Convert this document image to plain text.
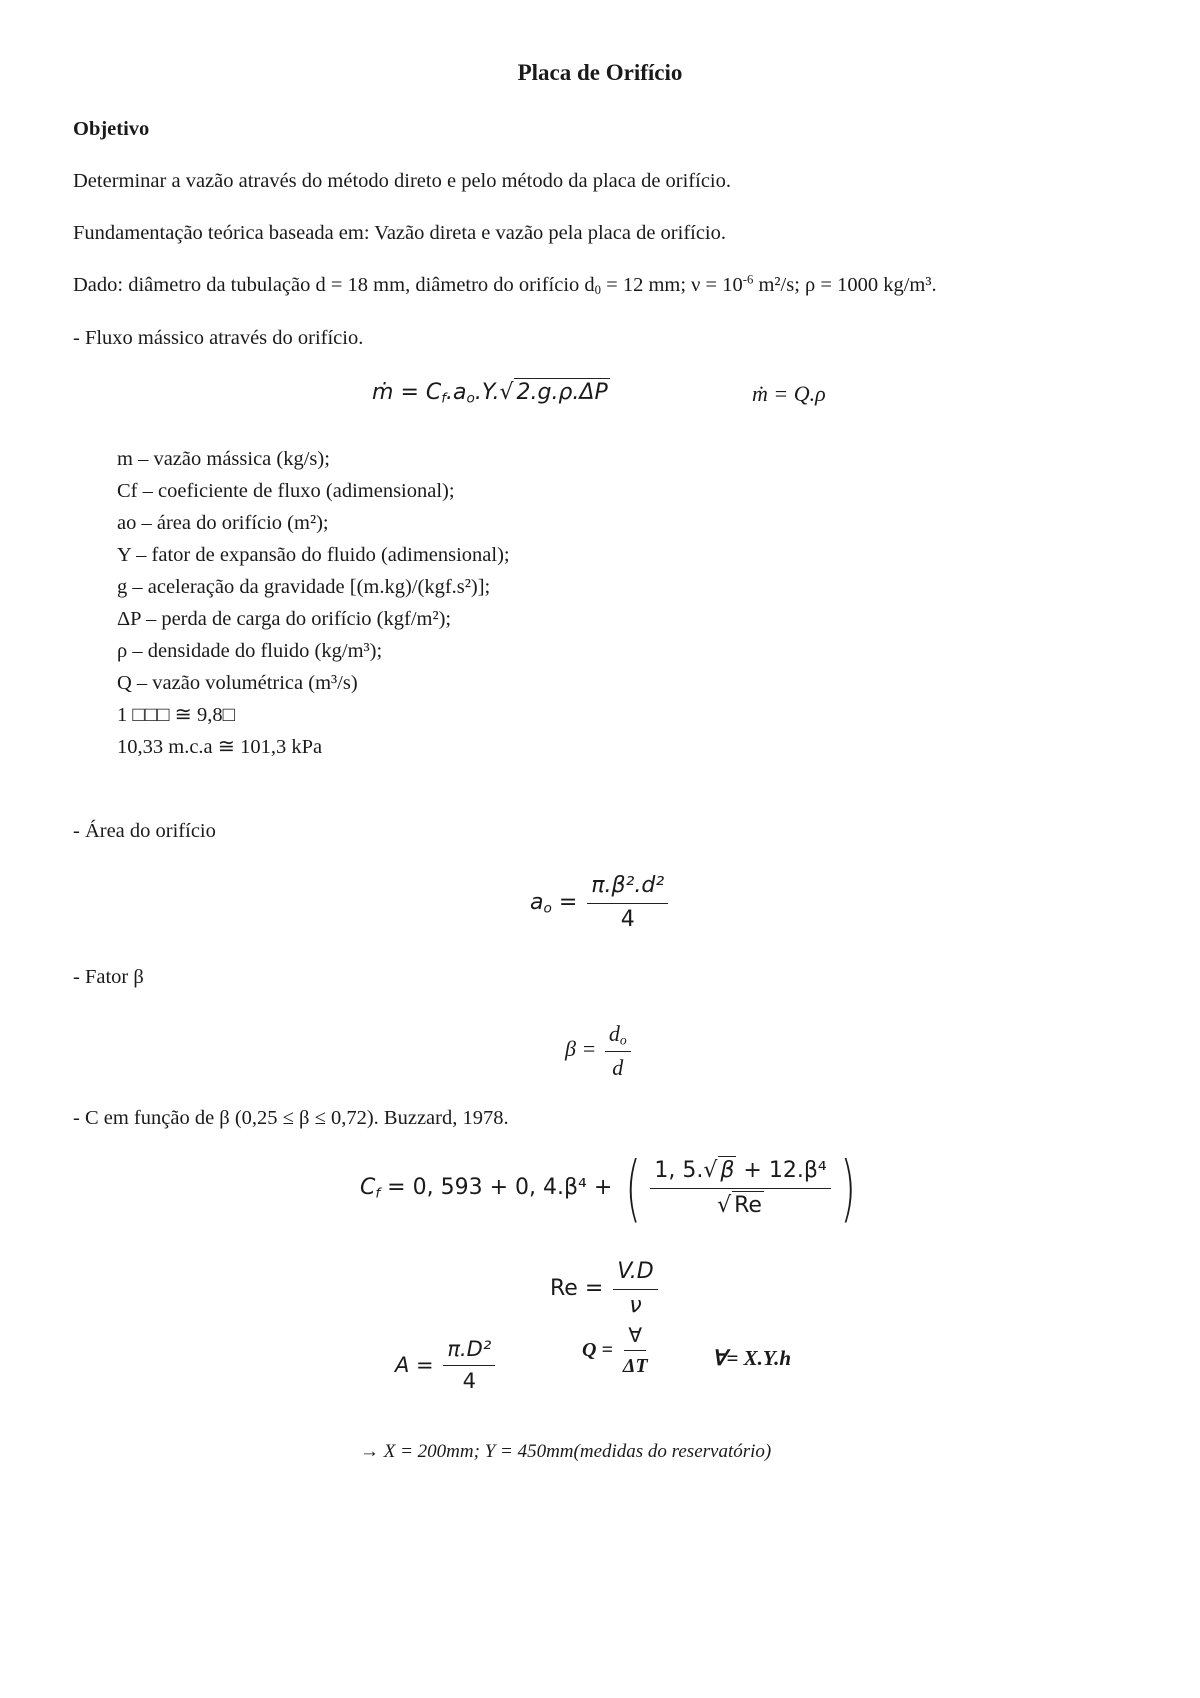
Placa de Orifício
Objetivo
Determinar a vazão através do método direto e pelo método da placa de orifício.
Fundamentação teórica baseada em: Vazão direta e vazão pela placa de orifício.
Dado: diâmetro da tubulação d = 18 mm, diâmetro do orifício $d_0 = 12$ mm; $\nu = 10^{-6}$ m²/s; ρ = 1000 kg/m³.
- Fluxo mássico através do orifício.
ṁ = $C_f.a_o.Y.√$ 2.g.ρ.ΔP	ṁ = Q.ρ
m – vazão mássica (kg/s);
Cf – coeficiente de fluxo (adimensional);
ao – área do orifício (m²);
Y – fator de expansão do fluido (adimensional);
g – aceleração da gravidade [(m.kg)/(kgf.s²)];
ΔP – perda de carga do orifício (kgf/m²);
ρ – densidade do fluido (kg/m³);
Q – vazão volumétrica (m³/s)
1 □□□ ≅ 9,8□
10,33 m.c.a ≅ 101,3 kPa
- Área do orifício
$a_o = \frac{\text{π.β².d²}}{4}$
- Fator β
$\beta = \frac{d_o}{d}$
- C em função de β (0,25 ≤ β ≤ 0,72). Buzzard, 1978.
$C_f = 0$, 593 + 0, 4.β⁴ + ( $\frac{\text{1, 5.√ β + 12.β⁴}}{√ Re}$ )
$Re = \frac{V.D}{\nu}$
$A = \frac{\text{π.D²}}{4}$	$Q = \frac{\forall}{\Delta T}$	∀= X.Y.h
→ X = 200mm; Y = 450mm(medidas do reservatório)
